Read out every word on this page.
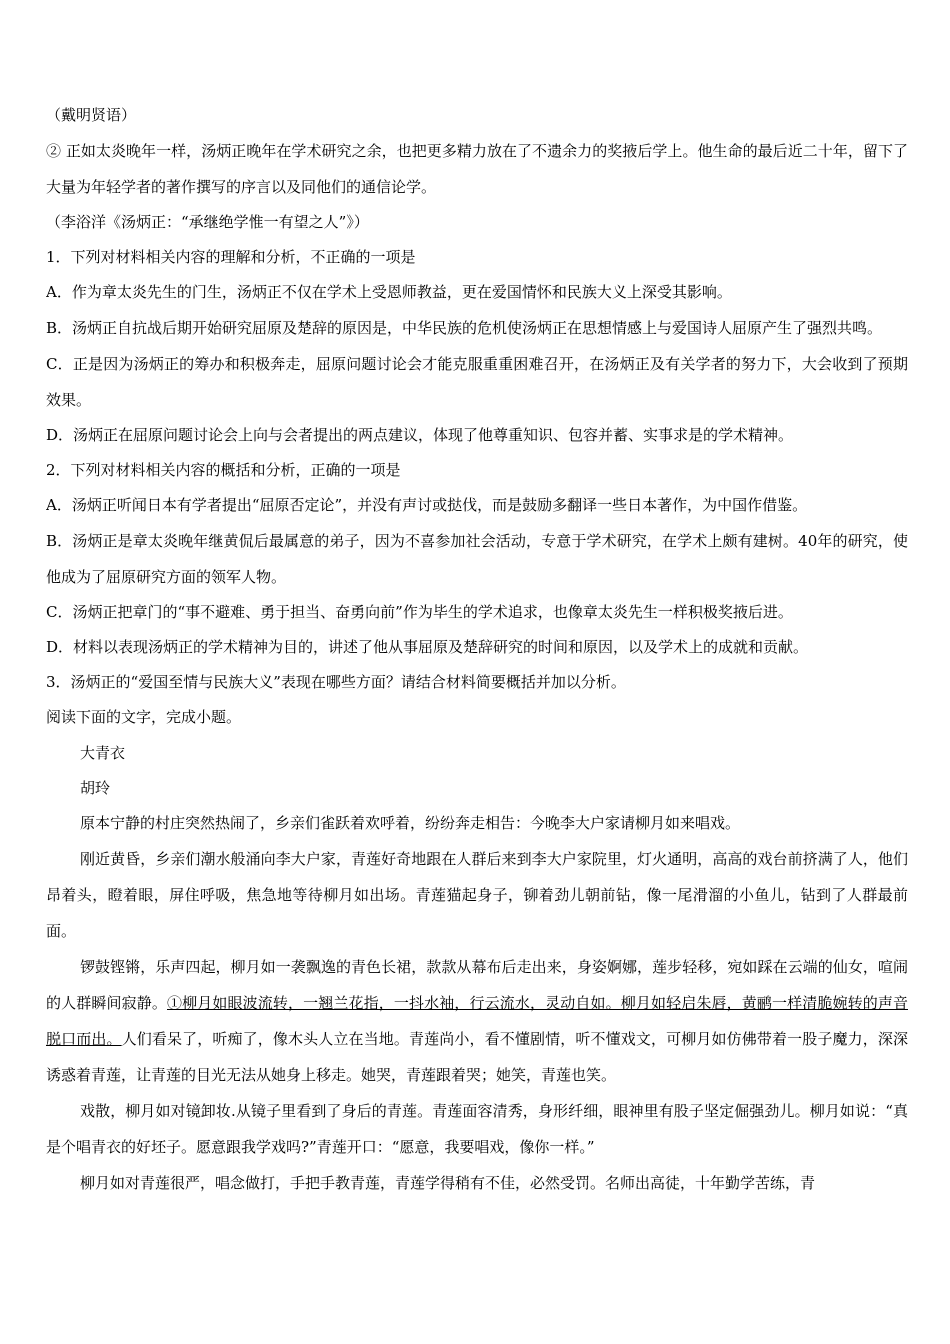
（戴明贤语）
② 正如太炎晚年一样，汤炳正晚年在学术研究之余，也把更多精力放在了不遗余力的奖掖后学上。他生命的最后近二十年，留下了大量为年轻学者的著作撰写的序言以及同他们的通信论学。
（李浴洋《汤炳正：“承继绝学惟一有望之人”》）
1．下列对材料相关内容的理解和分析，不正确的一项是
A．作为章太炎先生的门生，汤炳正不仅在学术上受恩师教益，更在爱国情怀和民族大义上深受其影响。
B．汤炳正自抗战后期开始研究屈原及楚辞的原因是，中华民族的危机使汤炳正在思想情感上与爱国诗人屈原产生了强烈共鸣。
C．正是因为汤炳正的筹办和积极奔走，屈原问题讨论会才能克服重重困难召开，在汤炳正及有关学者的努力下，大会收到了预期效果。
D．汤炳正在屈原问题讨论会上向与会者提出的两点建议，体现了他尊重知识、包容并蓄、实事求是的学术精神。
2．下列对材料相关内容的概括和分析，正确的一项是
A．汤炳正听闻日本有学者提出“屈原否定论”，并没有声讨或挞伐，而是鼓励多翻译一些日本著作，为中国作借鉴。
B．汤炳正是章太炎晚年继黄侃后最属意的弟子，因为不喜参加社会活动，专意于学术研究，在学术上颇有建树。40年的研究，使他成为了屈原研究方面的领军人物。
C．汤炳正把章门的“事不避难、勇于担当、奋勇向前”作为毕生的学术追求，也像章太炎先生一样积极奖掖后进。
D．材料以表现汤炳正的学术精神为目的，讲述了他从事屈原及楚辞研究的时间和原因，以及学术上的成就和贡献。
3．汤炳正的“爱国至情与民族大义”表现在哪些方面？请结合材料简要概括并加以分析。
阅读下面的文字，完成小题。
大青衣
胡玲
原本宁静的村庄突然热闹了，乡亲们雀跃着欢呼着，纷纷奔走相告：今晚李大户家请柳月如来唱戏。
刚近黄昏，乡亲们潮水般涌向李大户家，青莲好奇地跟在人群后来到李大户家院里，灯火通明，高高的戏台前挤满了人，他们昂着头，瞪着眼，屏住呼吸，焦急地等待柳月如出场。青莲猫起身子，铆着劲儿朝前钻，像一尾滑溜的小鱼儿，钻到了人群最前面。
锣鼓铿锵，乐声四起，柳月如一袭飘逸的青色长裙，款款从幕布后走出来，身姿婀娜，莲步轻移，宛如踩在云端的仙女，喧闹的人群瞬间寂静。①柳月如眼波流转，一翘兰花指，一抖水袖，行云流水，灵动自如。柳月如轻启朱唇，黄鹂一样清脆婉转的声音脱口而出。人们看呆了，听痴了，像木头人立在当地。青莲尚小，看不懂剧情，听不懂戏文，可柳月如仿佛带着一股子魔力，深深诱惑着青莲，让青莲的目光无法从她身上移走。她哭，青莲跟着哭；她笑，青莲也笑。
戏散，柳月如对镜卸妆.从镜子里看到了身后的青莲。青莲面容清秀，身形纤细，眼神里有股子坚定倔强劲儿。柳月如说：“真是个唱青衣的好坯子。愿意跟我学戏吗?”青莲开口：“愿意，我要唱戏，像你一样。”
柳月如对青莲很严，唱念做打，手把手教青莲，青莲学得稍有不佳，必然受罚。名师出高徒，十年勤学苦练，青
